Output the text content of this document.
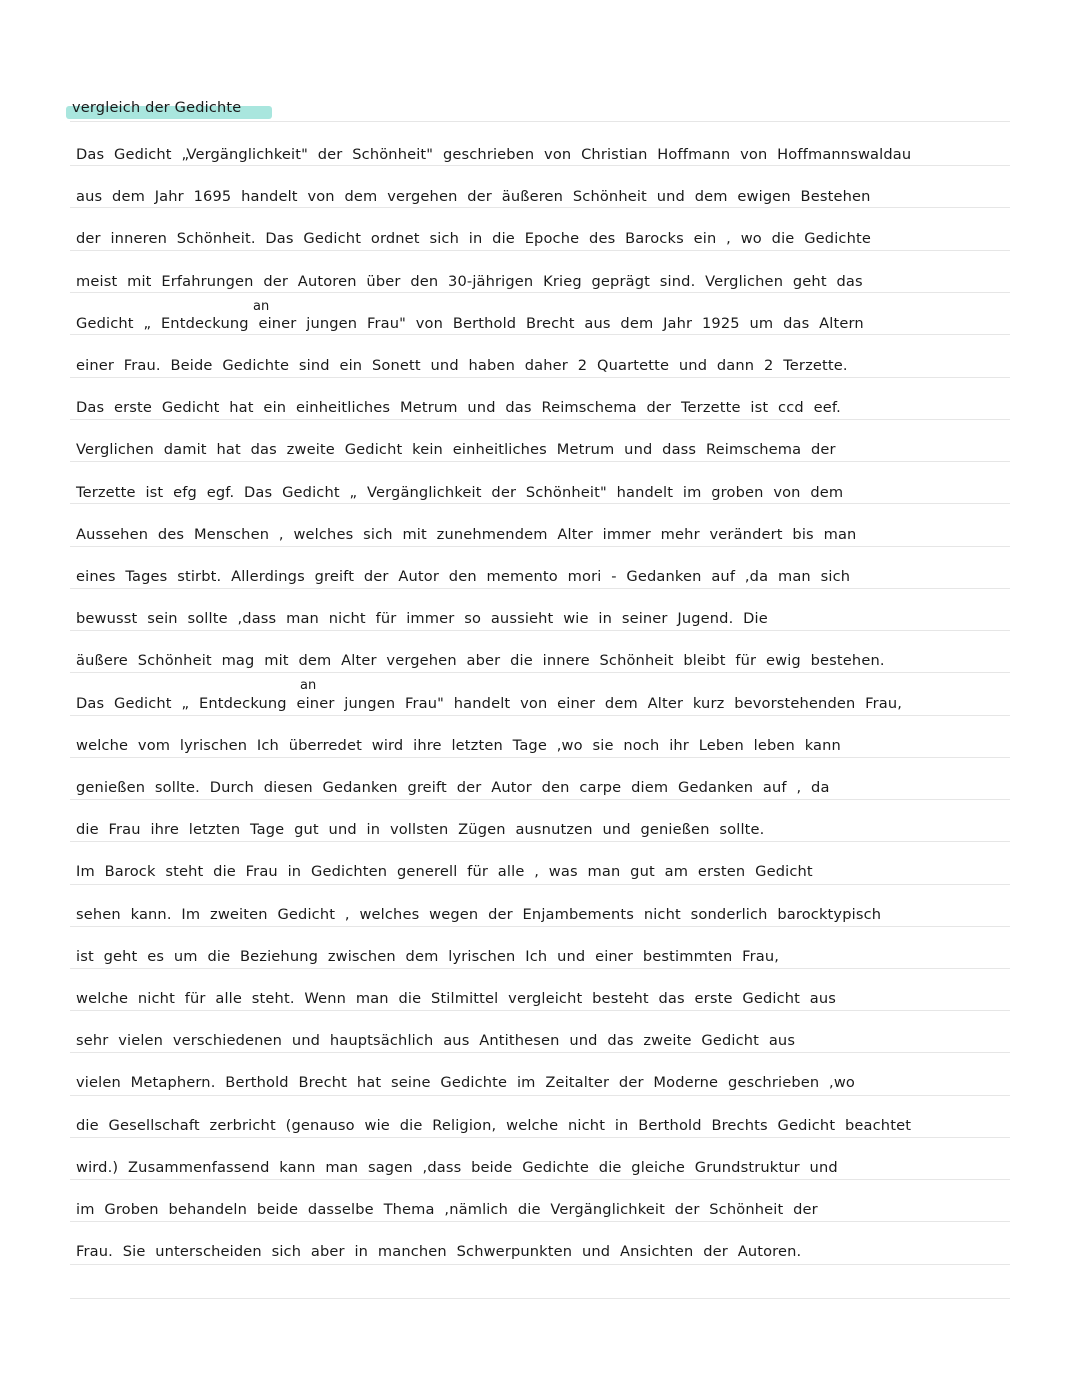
vergleich der Gedichte
an
an
Das Gedicht „Vergänglichkeit" der Schönheit" geschrieben von Christian Hoffmann von Hoffmannswaldau
aus dem Jahr 1695 handelt von dem vergehen der äußeren Schönheit und dem ewigen Bestehen
der inneren Schönheit. Das Gedicht ordnet sich in die Epoche des Barocks ein , wo die Gedichte
meist mit Erfahrungen der Autoren über den 30-jährigen Krieg geprägt sind. Verglichen geht das
Gedicht „ Entdeckung einer jungen Frau" von Berthold Brecht aus dem Jahr 1925 um das Altern
einer Frau. Beide Gedichte sind ein Sonett und haben daher 2 Quartette und dann 2 Terzette.
Das erste Gedicht hat ein einheitliches Metrum und das Reimschema der Terzette ist ccd eef.
Verglichen damit hat das zweite Gedicht kein einheitliches Metrum und dass Reimschema der
Terzette ist efg egf. Das Gedicht „ Vergänglichkeit der Schönheit" handelt im groben von dem
Aussehen des Menschen , welches sich mit zunehmendem Alter immer mehr verändert bis man
eines Tages stirbt. Allerdings greift der Autor den memento mori - Gedanken auf ,da man sich
bewusst sein sollte ,dass man nicht für immer so aussieht wie in seiner Jugend. Die
äußere Schönheit mag mit dem Alter vergehen aber die innere Schönheit bleibt für ewig bestehen.
Das Gedicht „ Entdeckung einer jungen Frau" handelt von einer dem Alter kurz bevorstehenden Frau,
welche vom lyrischen Ich überredet wird ihre letzten Tage ,wo sie noch ihr Leben leben kann
genießen sollte. Durch diesen Gedanken greift der Autor den carpe diem Gedanken auf , da
die Frau ihre letzten Tage gut und in vollsten Zügen ausnutzen und genießen sollte.
Im Barock steht die Frau in Gedichten generell für alle , was man gut am ersten Gedicht
sehen kann. Im zweiten Gedicht , welches wegen der Enjambements nicht sonderlich barocktypisch
ist geht es um die Beziehung zwischen dem lyrischen Ich und einer bestimmten Frau,
welche nicht für alle steht. Wenn man die Stilmittel vergleicht besteht das erste Gedicht aus
sehr vielen verschiedenen und hauptsächlich aus Antithesen und das zweite Gedicht aus
vielen Metaphern. Berthold Brecht hat seine Gedichte im Zeitalter der Moderne geschrieben ,wo
die Gesellschaft zerbricht (genauso wie die Religion, welche nicht in Berthold Brechts Gedicht beachtet
wird.) Zusammenfassend kann man sagen ,dass beide Gedichte die gleiche Grundstruktur und
im Groben behandeln beide dasselbe Thema ,nämlich die Vergänglichkeit der Schönheit der
Frau. Sie unterscheiden sich aber in manchen Schwerpunkten und Ansichten der Autoren.
